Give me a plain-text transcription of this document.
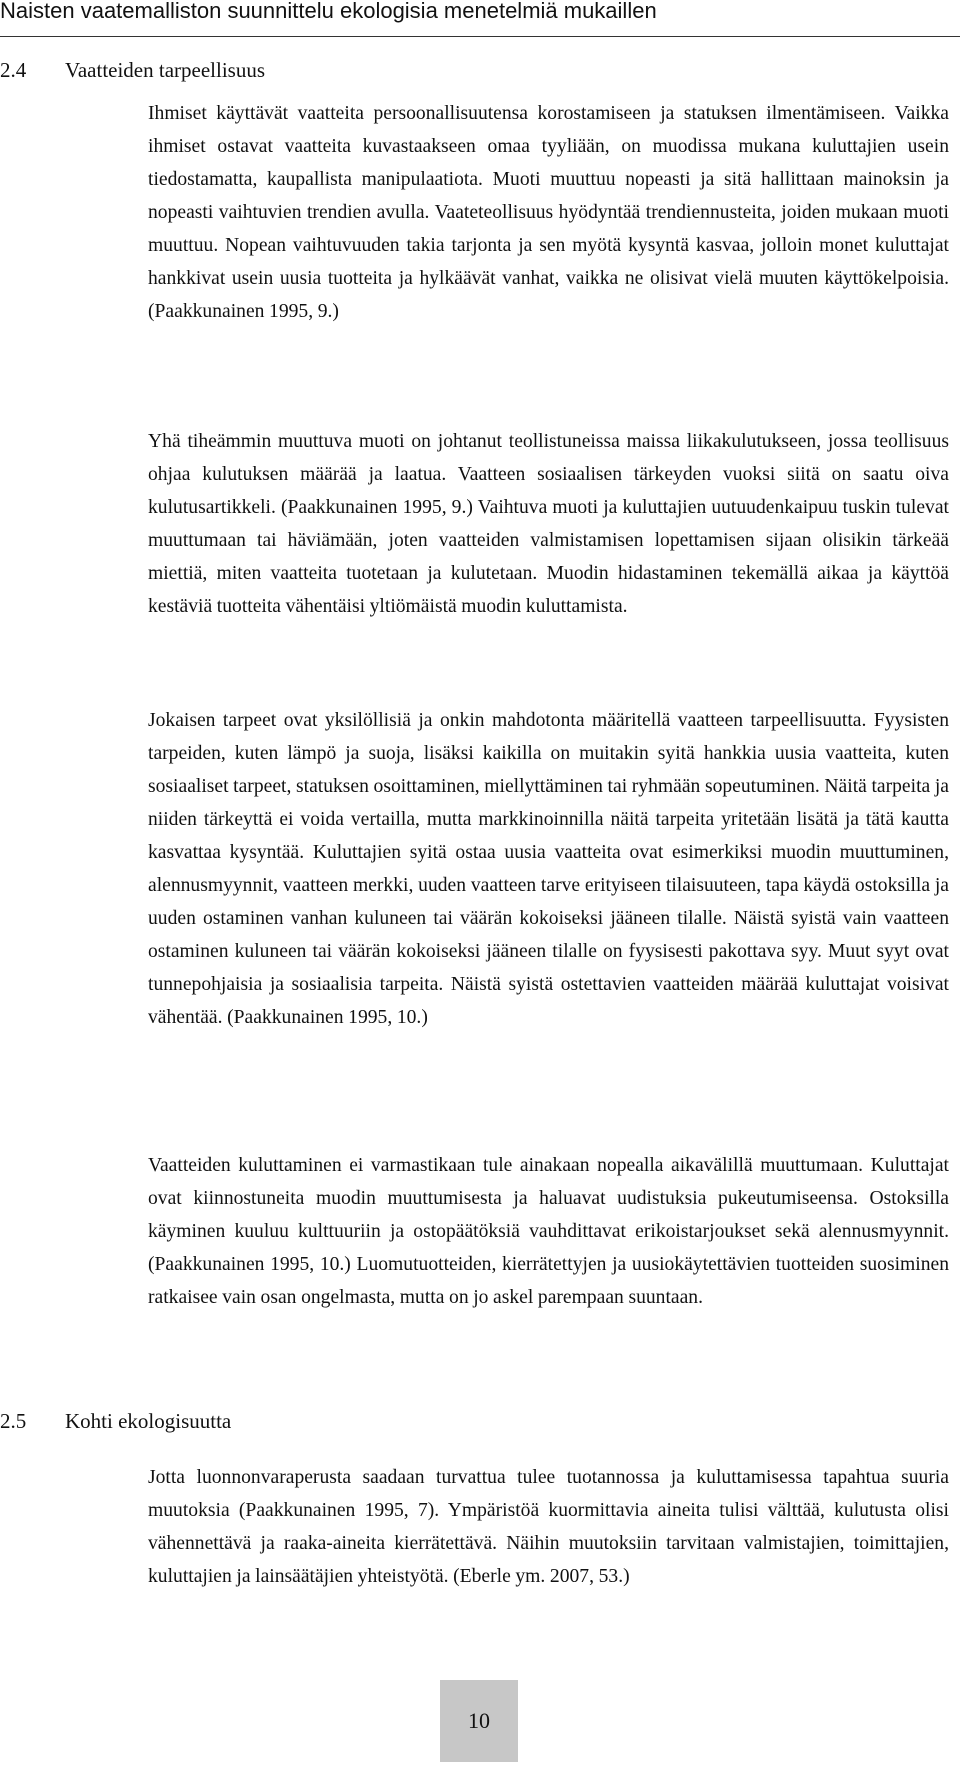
Naisten vaatemalliston suunnittelu ekologisia menetelmiä mukaillen
2.4 Vaatteiden tarpeellisuus

Ihmiset käyttävät vaatteita persoonallisuutensa korostamiseen ja statuksen ilmentämiseen. Vaikka ihmiset ostavat vaatteita kuvastaakseen omaa tyyliään, on muodissa mukana kuluttajien usein tiedostamatta, kaupallista manipulaatiota. Muoti muuttuu nopeasti ja sitä hallittaan mainoksin ja nopeasti vaihtuvien trendien avulla. Vaateteollisuus hyödyntää trendiennusteita, joiden mukaan muoti muuttuu. Nopean vaihtuvuuden takia tarjonta ja sen myötä kysyntä kasvaa, jolloin monet kuluttajat hankkivat usein uusia tuotteita ja hylkäävät vanhat, vaikka ne olisivat vielä muuten käyttökelpoisia. (Paakkunainen 1995, 9.)

Yhä tiheämmin muuttuva muoti on johtanut teollistuneissa maissa liikakulutukseen, jossa teollisuus ohjaa kulutuksen määrää ja laatua. Vaatteen sosiaalisen tärkeyden vuoksi siitä on saatu oiva kulutusartikkeli. (Paakkunainen 1995, 9.) Vaihtuva muoti ja kuluttajien uutuudenkaipuu tuskin tulevat muuttumaan tai häviämään, joten vaatteiden valmistamisen lopettamisen sijaan olisikin tärkeää miettiä, miten vaatteita tuotetaan ja kulutetaan. Muodin hidastaminen tekemällä aikaa ja käyttöä kestäviä tuotteita vähentäisi yltiömäistä muodin kuluttamista.

Jokaisen tarpeet ovat yksilöllisiä ja onkin mahdotonta määritellä vaatteen tarpeellisuutta. Fyysisten tarpeiden, kuten lämpö ja suoja, lisäksi kaikilla on muitakin syitä hankkia uusia vaatteita, kuten sosiaaliset tarpeet, statuksen osoittaminen, miellyttäminen tai ryhmään sopeutuminen. Näitä tarpeita ja niiden tärkeyttä ei voida vertailla, mutta markkinoinnilla näitä tarpeita yritetään lisätä ja tätä kautta kasvattaa kysyntää. Kuluttajien syitä ostaa uusia vaatteita ovat esimerkiksi muodin muuttuminen, alennusmyynnit, vaatteen merkki, uuden vaatteen tarve erityiseen tilaisuuteen, tapa käydä ostoksilla ja uuden ostaminen vanhan kuluneen tai väärän kokoiseksi jääneen tilalle. Näistä syistä vain vaatteen ostaminen kuluneen tai väärän kokoiseksi jääneen tilalle on fyysisesti pakottava syy. Muut syyt ovat tunnepohjaisia ja sosiaalisia tarpeita. Näistä syistä ostettavien vaatteiden määrää kuluttajat voisivat vähentää. (Paakkunainen 1995, 10.)

Vaatteiden kuluttaminen ei varmastikaan tule ainakaan nopealla aikavälillä muuttumaan. Kuluttajat ovat kiinnostuneita muodin muuttumisesta ja haluavat uudistuksia pukeutumiseensa. Ostoksilla käyminen kuuluu kulttuuriin ja ostopäätöksiä vauhdittavat erikoistarjoukset sekä alennusmyynnit. (Paakkunainen 1995, 10.) Luomutuotteiden, kierrätettyjen ja uusiokäytettävien tuotteiden suosiminen ratkaisee vain osan ongelmasta, mutta on jo askel parempaan suuntaan.

2.5 Kohti ekologisuutta

Jotta luonnonvaraperusta saadaan turvattua tulee tuotannossa ja kuluttamisessa tapahtua suuria muutoksia (Paakkunainen 1995, 7). Ympäristöä kuormittavia aineita tulisi välttää, kulutusta olisi vähennettävä ja raaka-aineita kierrätettävä. Näihin muutoksiin tarvitaan valmistajien, toimittajien, kuluttajien ja lainsäätäjien yhteistyötä. (Eberle ym. 2007, 53.)

10
